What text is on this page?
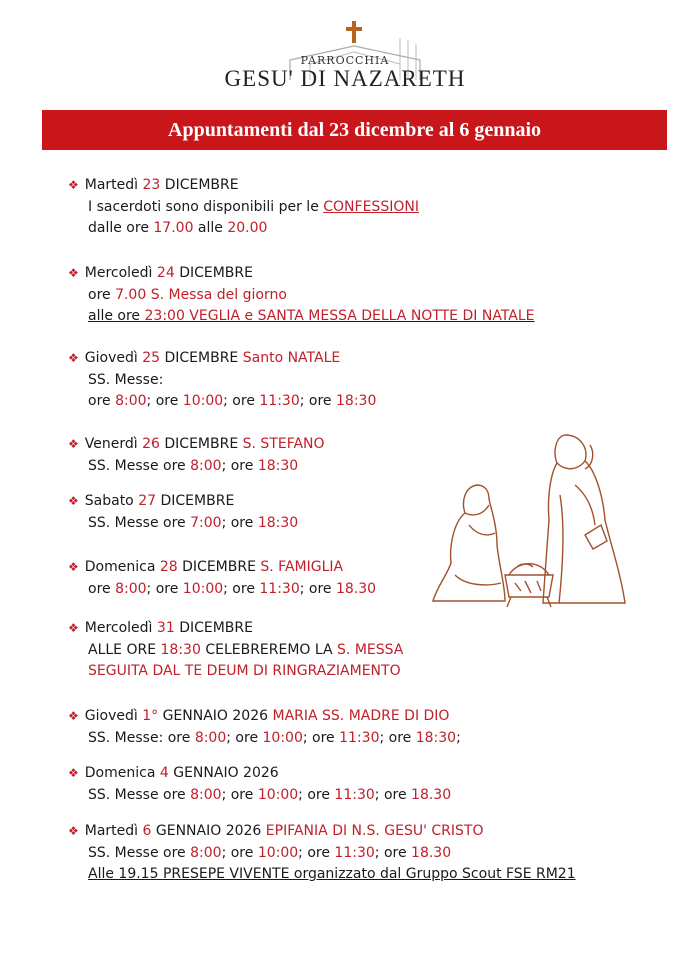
PARROCCHIA
GESU' DI NAZARETH
Appuntamenti dal 23 dicembre al 6 gennaio
❖ Martedì 23 DICEMBRE
I sacerdoti sono disponibili per le CONFESSIONI
dalle ore 17.00 alle 20.00
❖ Mercoledì 24 DICEMBRE
ore 7.00 S. Messa del giorno
alle ore 23:00 VEGLIA e SANTA MESSA DELLA NOTTE DI NATALE
❖ Giovedì 25 DICEMBRE Santo NATALE
SS. Messe:
ore 8:00; ore 10:00; ore 11:30; ore 18:30
❖ Venerdì 26 DICEMBRE S. STEFANO
SS. Messe ore 8:00; ore 18:30
❖ Sabato 27 DICEMBRE
SS. Messe ore 7:00; ore 18:30
❖ Domenica 28 DICEMBRE S. FAMIGLIA
ore 8:00; ore 10:00; ore 11:30; ore 18.30
❖ Mercoledì 31 DICEMBRE
ALLE ORE 18:30 CELEBREREMO LA S. MESSA
SEGUITA DAL TE DEUM DI RINGRAZIAMENTO
❖ Giovedì 1° GENNAIO 2026 MARIA SS. MADRE DI DIO
SS. Messe: ore 8:00; ore 10:00; ore 11:30; ore 18:30;
❖ Domenica 4 GENNAIO 2026
SS. Messe ore 8:00; ore 10:00; ore 11:30; ore 18.30
❖ Martedì 6 GENNAIO 2026 EPIFANIA DI N.S. GESU' CRISTO
SS. Messe ore 8:00; ore 10:00; ore 11:30; ore 18.30
Alle 19.15 PRESEPE VIVENTE organizzato dal Gruppo Scout FSE RM21
